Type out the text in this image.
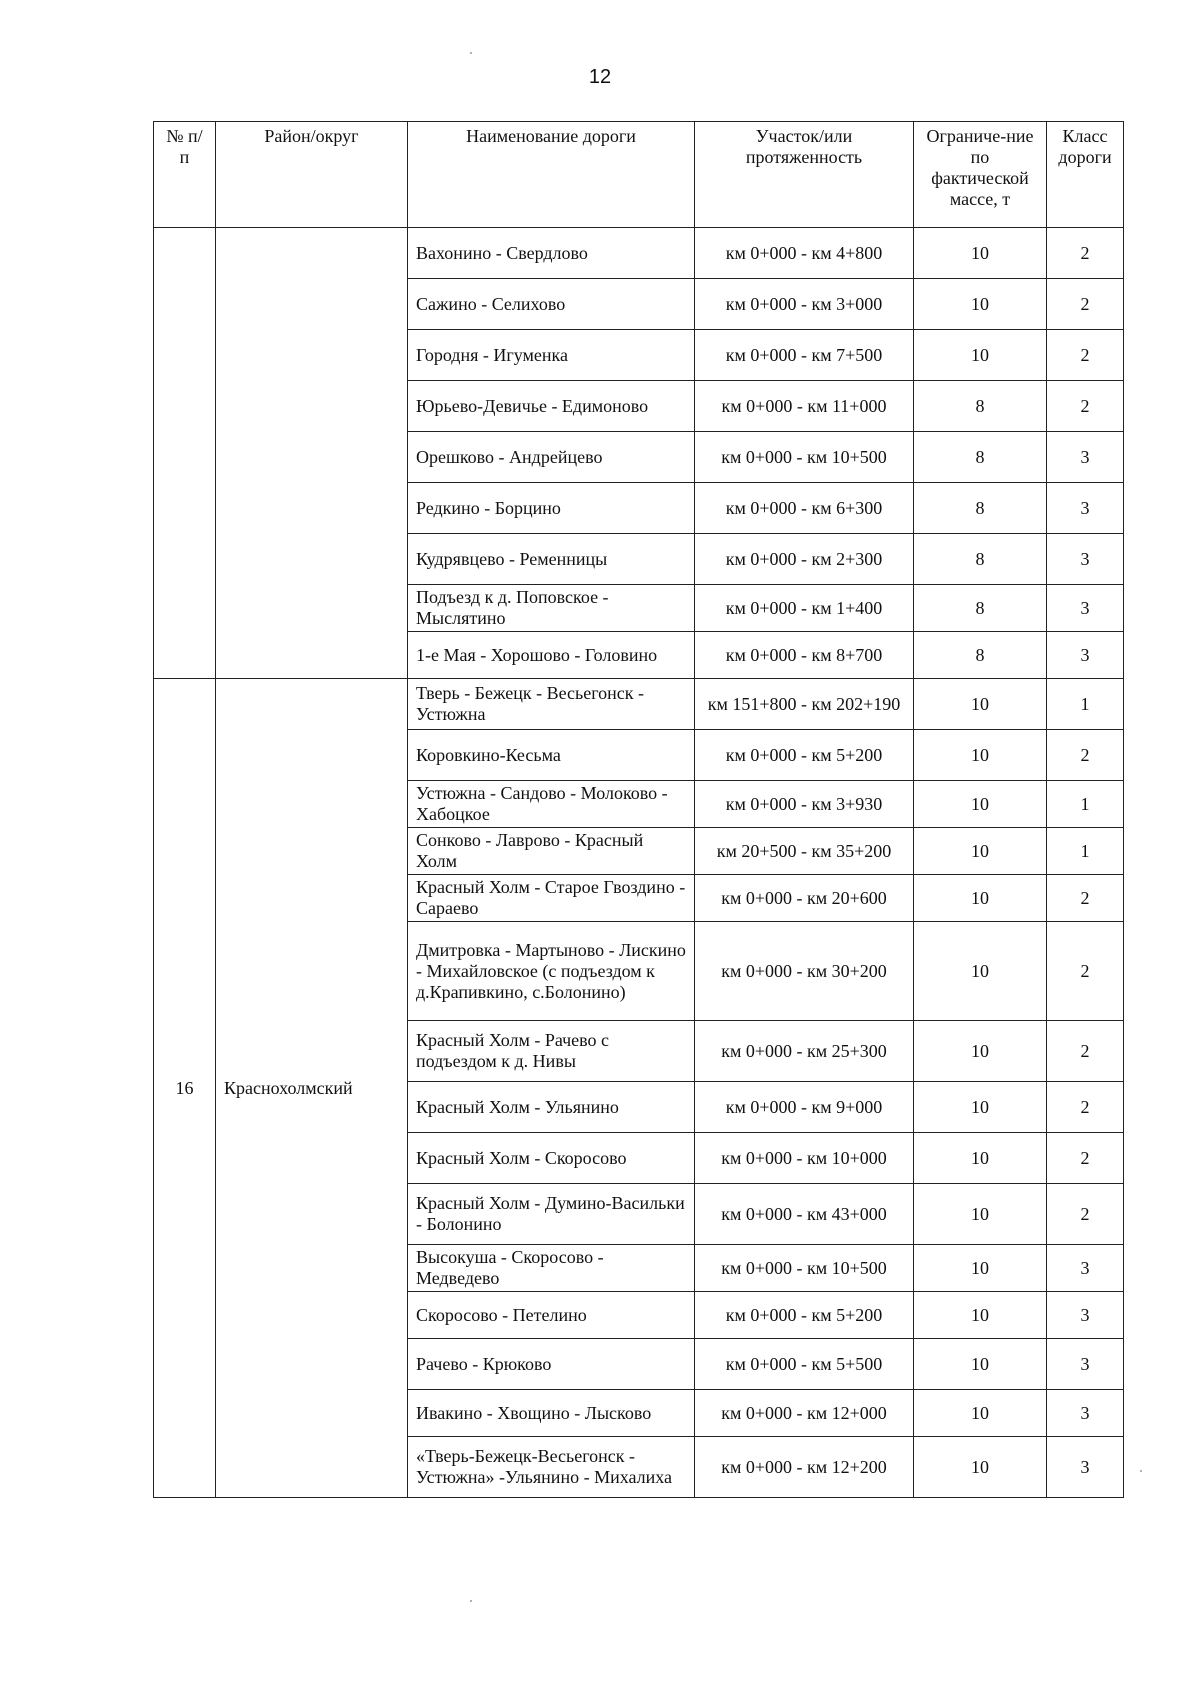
12
№ п/п	Район/округ	Наименование дороги	Участок/или протяженность	Ограниче-ние по фактической массе, т	Класс дороги
		Вахонино - Свердлово	км 0+000 - км 4+800	10	2
		Сажино - Селихово	км 0+000 - км 3+000	10	2
		Городня - Игуменка	км 0+000 - км 7+500	10	2
		Юрьево-Девичье - Едимоново	км 0+000 - км 11+000	8	2
		Орешково - Андрейцево	км 0+000 - км 10+500	8	3
		Редкино - Борцино	км 0+000 - км 6+300	8	3
		Кудрявцево - Ременницы	км 0+000 - км 2+300	8	3
		Подъезд к д. Поповское - Мыслятино	км 0+000 - км 1+400	8	3
		1-е Мая - Хорошово - Головино	км 0+000 - км 8+700	8	3
16	Краснохолмский	Тверь - Бежецк - Весьегонск - Устюжна	км 151+800 - км 202+190	10	1
		Коровкино-Кесьма	км 0+000 - км 5+200	10	2
		Устюжна - Сандово - Молоково - Хабоцкое	км 0+000 - км 3+930	10	1
		Сонково - Лаврово - Красный Холм	км 20+500 - км 35+200	10	1
		Красный Холм - Старое Гвоздино - Сараево	км 0+000 - км 20+600	10	2
		Дмитровка - Мартыново - Лискино - Михайловское (с подъездом к д.Крапивкино, с.Болонино)	км 0+000 - км 30+200	10	2
		Красный Холм - Рачево с подъездом к д. Нивы	км 0+000 - км 25+300	10	2
		Красный Холм - Ульянино	км 0+000 - км 9+000	10	2
		Красный Холм - Скоросово	км 0+000 - км 10+000	10	2
		Красный Холм - Думино-Васильки - Болонино	км 0+000 - км 43+000	10	2
		Высокуша - Скоросово - Медведево	км 0+000 - км 10+500	10	3
		Скоросово - Петелино	км 0+000 - км 5+200	10	3
		Рачево - Крюково	км 0+000 - км 5+500	10	3
		Ивакино - Хвощино - Лысково	км 0+000 - км 12+000	10	3
		«Тверь-Бежецк-Весьегонск - Устюжна» -Ульянино - Михалиха	км 0+000 - км 12+200	10	3
